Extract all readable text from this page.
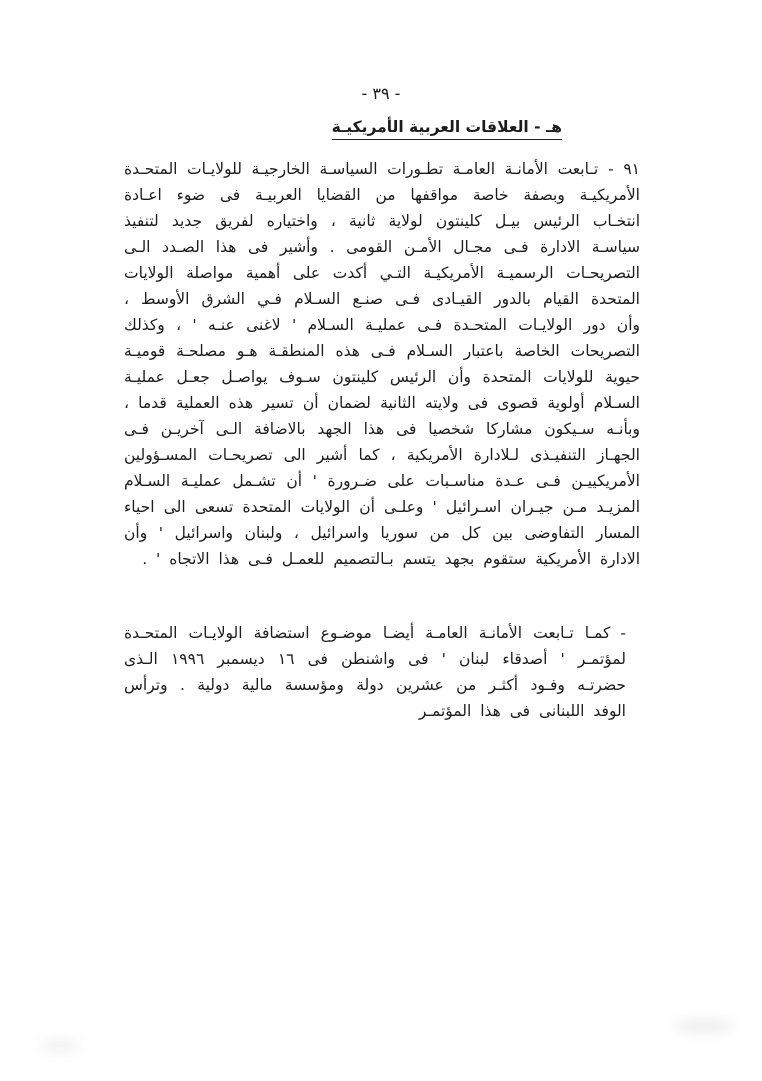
- ٣٩ -
هـ - العلاقات العربية الأمريكيـة

٩١ -تـابعت الأمانـة العامـة تطـورات السياسـة الخارجيـة للولايـات المتحـدة الأمريكيـة وبصفة خاصة مواقفها من القضايا العربيـة فى ضوء اعـادة انتخـاب الرئيس بيـل كلينتون لولاية ثانية ، واختياره لفريق جديد لتنفيذ سياسـة الادارة فـى مجـال الأمـن القومى . وأشير فى هذا الصـدد الـى التصريحـات الرسميـة الأمريكيـة التـي أكدت على أهمية مواصلة الولايات المتحدة القيام بالدور القيـادى فـى صنـع السـلام فـي الشرق الأوسط ، وأن دور الولايـات المتحـدة فـى عمليـة السـلام ' لاغنى عنـه ' ، وكذلك التصريحات الخاصة باعتبار السـلام فـى هذه المنطقـة هـو مصلحـة قوميـة حيوية للولايات المتحدة وأن الرئيس كلينتون سـوف يواصـل جعـل عمليـة السـلام أولوية قصوى فى ولايته الثانية لضمان أن تسير هذه العملية قدما ، وبأنـه سـيكون مشاركا شخصيا فى هذا الجهد بالاضافة الـى آخريـن فـى الجهـاز التنفيـذى لـلادارة الأمريكية ، كما أشير الى تصريحـات المسـؤولين الأمريكييـن فـى عـدة مناسـبات على ضـرورة ' أن تشـمل عمليـة السـلام المزيـد مـن جيـران اسـرائيل ' وعلـى أن الولايات المتحدة تسعى الى احياء المسار التفاوضى بين كل من سوريا واسرائيل ، ولبنان واسرائيل ' وأن الادارة الأمريكية ستقوم بجهد يتسم بـالتصميم للعمـل فـى هذا الاتجاه ' .

-كمـا تـابعت الأمانـة العامـة أيضـا موضـوع استضافة الولايـات المتحـدة لمؤتمـر ' أصدقاء لبنان ' فى واشنطن فى ١٦ ديسمبر ١٩٩٦ الـذى حضرتـه وفـود أكثـر من عشرين دولة ومؤسسة مالية دولية . وترأس الوفد اللبنانى فى هذا المؤتمـر
